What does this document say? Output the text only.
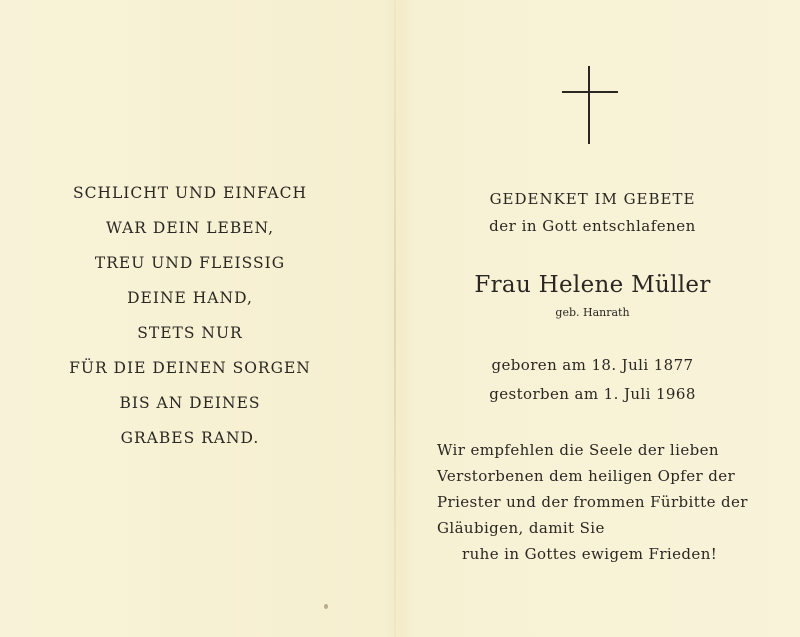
SCHLICHT UND EINFACH
WAR DEIN LEBEN,
TREU UND FLEISSIG
DEINE HAND,
STETS NUR
FÜR DIE DEINEN SORGEN
BIS AN DEINES
GRABES RAND.
GEDENKET IM GEBETE
der in Gott entschlafenen
Frau Helene Müller
geb. Hanrath
geboren am 18. Juli 1877
gestorben am 1. Juli 1968
Wir empfehlen die Seele der lieben
Verstorbenen dem heiligen Opfer der
Priester und der frommen Fürbitte der
Gläubigen, damit Sie
ruhe in Gottes ewigem Frieden!
